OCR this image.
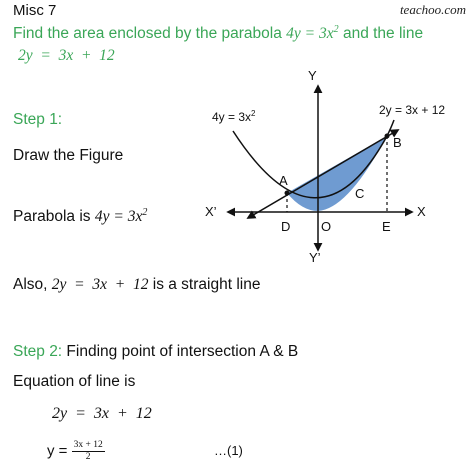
teachoo.com
Misc 7
Find the area enclosed by the parabola $4y = 3x^2$ and the line
2y  =  3x  +  12
Step 1:
Draw the Figure
Parabola is $4y = 3x^2$
Also, 2y  =  3x  +  12 is a straight line
Step 2: Finding point of intersection A & B
Equation of line is
2y  =  3x  +  12
$y = \frac{3x + 12}{2}$	…(1)
$4y = 3x^2$	2y = 3x + 12
Y
Y’
X
X’
A
B
C
D	E
O
